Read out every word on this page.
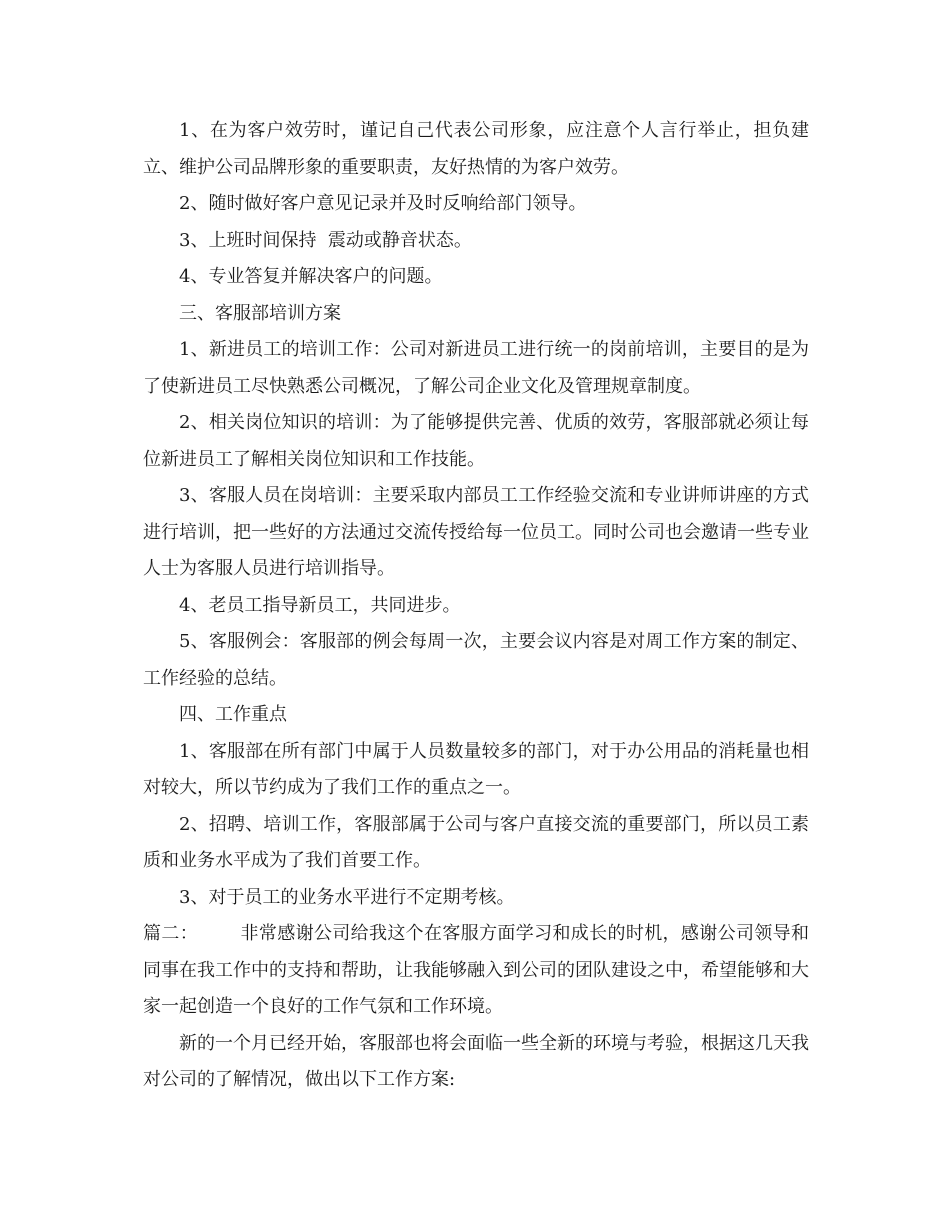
1、在为客户效劳时，谨记自己代表公司形象，应注意个人言行举止，担负建立、维护公司品牌形象的重要职责，友好热情的为客户效劳。

2、随时做好客户意见记录并及时反响给部门领导。

3、上班时间保持  震动或静音状态。

4、专业答复并解决客户的问题。

三、客服部培训方案

1、新进员工的培训工作：公司对新进员工进行统一的岗前培训，主要目的是为了使新进员工尽快熟悉公司概况，了解公司企业文化及管理规章制度。

2、相关岗位知识的培训：为了能够提供完善、优质的效劳，客服部就必须让每位新进员工了解相关岗位知识和工作技能。

3、客服人员在岗培训：主要采取内部员工工作经验交流和专业讲师讲座的方式进行培训，把一些好的方法通过交流传授给每一位员工。同时公司也会邀请一些专业人士为客服人员进行培训指导。

4、老员工指导新员工，共同进步。

5、客服例会：客服部的例会每周一次，主要会议内容是对周工作方案的制定、工作经验的总结。

四、工作重点

1、客服部在所有部门中属于人员数量较多的部门，对于办公用品的消耗量也相对较大，所以节约成为了我们工作的重点之一。

2、招聘、培训工作，客服部属于公司与客户直接交流的重要部门，所以员工素质和业务水平成为了我们首要工作。

3、对于员工的业务水平进行不定期考核。

篇二：       非常感谢公司给我这个在客服方面学习和成长的时机，感谢公司领导和同事在我工作中的支持和帮助，让我能够融入到公司的团队建设之中，希望能够和大家一起创造一个良好的工作气氛和工作环境。

新的一个月已经开始，客服部也将会面临一些全新的环境与考验，根据这几天我对公司的了解情况，做出以下工作方案:
